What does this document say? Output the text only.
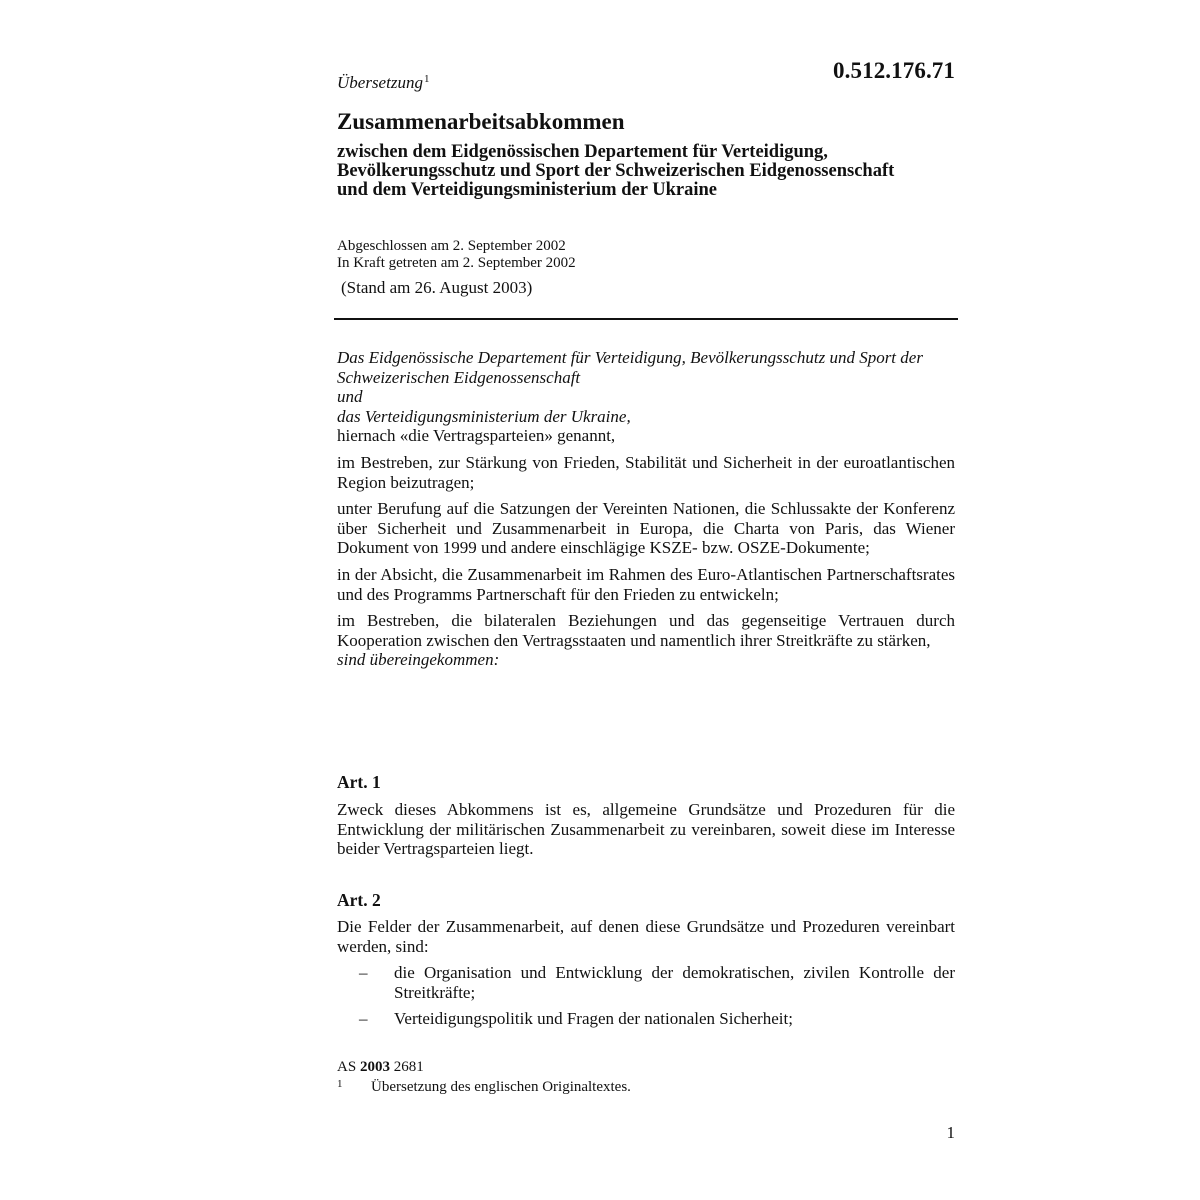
Übersetzung$^1$	0.512.176.71
Zusammenarbeitsabkommen
zwischen dem Eidgenössischen Departement für Verteidigung,
Bevölkerungsschutz und Sport der Schweizerischen Eidgenossenschaft
und dem Verteidigungsministerium der Ukraine
Abgeschlossen am 2. September 2002
In Kraft getreten am 2. September 2002
(Stand am 26. August 2003)

Das Eidgenössische Departement für Verteidigung, Bevölkerungsschutz und Sport der Schweizerischen Eidgenossenschaft

und

das Verteidigungsministerium der Ukraine,

hiernach «die Vertragsparteien» genannt,

im Bestreben, zur Stärkung von Frieden, Stabilität und Sicherheit in der euroatlantischen Region beizutragen;

unter Berufung auf die Satzungen der Vereinten Nationen, die Schlussakte der Konferenz über Sicherheit und Zusammenarbeit in Europa, die Charta von Paris, das Wiener Dokument von 1999 und andere einschlägige KSZE- bzw. OSZE-Dokumente;

in der Absicht, die Zusammenarbeit im Rahmen des Euro-Atlantischen Partnerschaftsrates und des Programms Partnerschaft für den Frieden zu entwickeln;

im Bestreben, die bilateralen Beziehungen und das gegenseitige Vertrauen durch Kooperation zwischen den Vertragsstaaten und namentlich ihrer Streitkräfte zu stärken,

sind übereingekommen:

Art. 1
Zweck dieses Abkommens ist es, allgemeine Grundsätze und Prozeduren für die Entwicklung der militärischen Zusammenarbeit zu vereinbaren, soweit diese im Interesse beider Vertragsparteien liegt.
Art. 2

Die Felder der Zusammenarbeit, auf denen diese Grundsätze und Prozeduren vereinbart werden, sind:

– die Organisation und Entwicklung der demokratischen, zivilen Kontrolle der Streitkräfte;
– Verteidigungspolitik und Fragen der nationalen Sicherheit;
AS 2003 2681
1 Übersetzung des englischen Originaltextes.
1
